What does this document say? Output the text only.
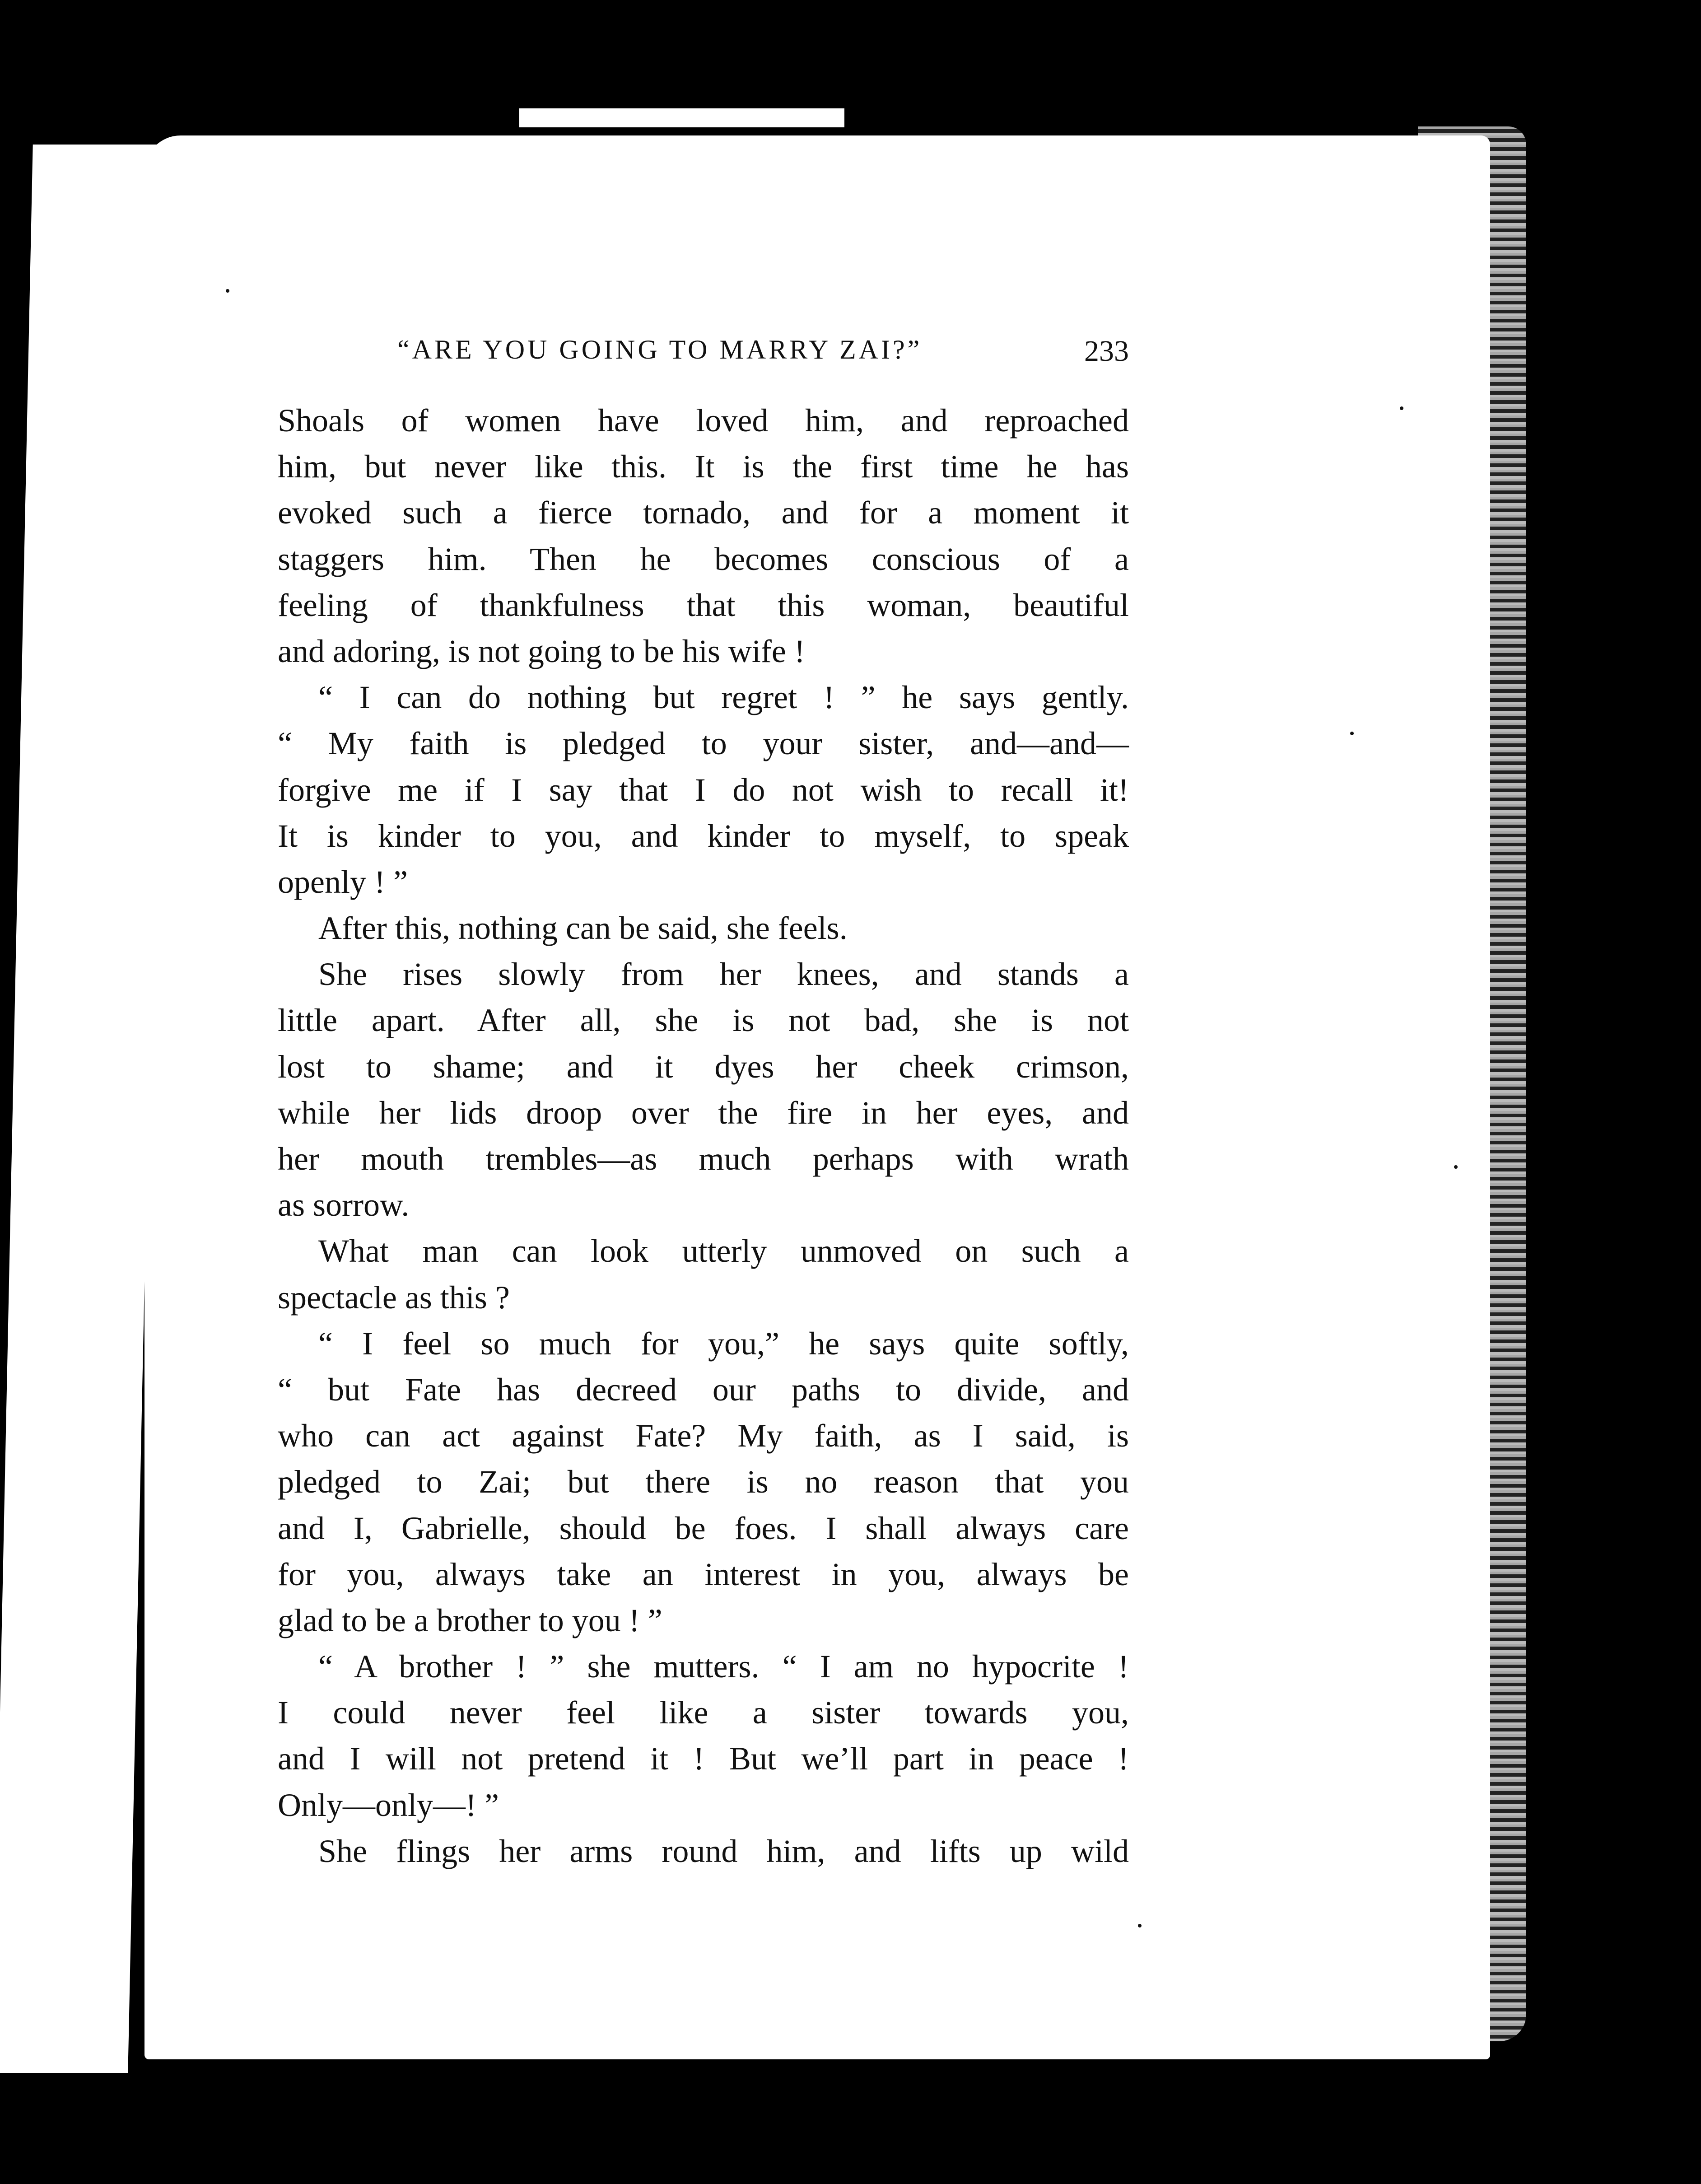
“ARE YOU GOING TO MARRY ZAI?”	233
Shoals of women have loved him, and reproached
him, but never like this. It is the first time he has
evoked such a fierce tornado, and for a moment it
staggers him. Then he becomes conscious of a
feeling of thankfulness that this woman, beautiful
and adoring, is not going to be his wife !
“ I can do nothing but regret ! ” he says gently.
“ My faith is pledged to your sister, and—and—
forgive me if I say that I do not wish to recall it!
It is kinder to you, and kinder to myself, to speak
openly ! ”
After this, nothing can be said, she feels.
She rises slowly from her knees, and stands a
little apart. After all, she is not bad, she is not
lost to shame; and it dyes her cheek crimson,
while her lids droop over the fire in her eyes, and
her mouth trembles—as much perhaps with wrath
as sorrow.
What man can look utterly unmoved on such a
spectacle as this ?
“ I feel so much for you,” he says quite softly,
“ but Fate has decreed our paths to divide, and
who can act against Fate? My faith, as I said, is
pledged to Zai; but there is no reason that you
and I, Gabrielle, should be foes. I shall always care
for you, always take an interest in you, always be
glad to be a brother to you ! ”
“ A brother ! ” she mutters. “ I am no hypocrite !
I could never feel like a sister towards you,
and I will not pretend it ! But we’ll part in peace !
Only—only—! ”
She flings her arms round him, and lifts up wild
